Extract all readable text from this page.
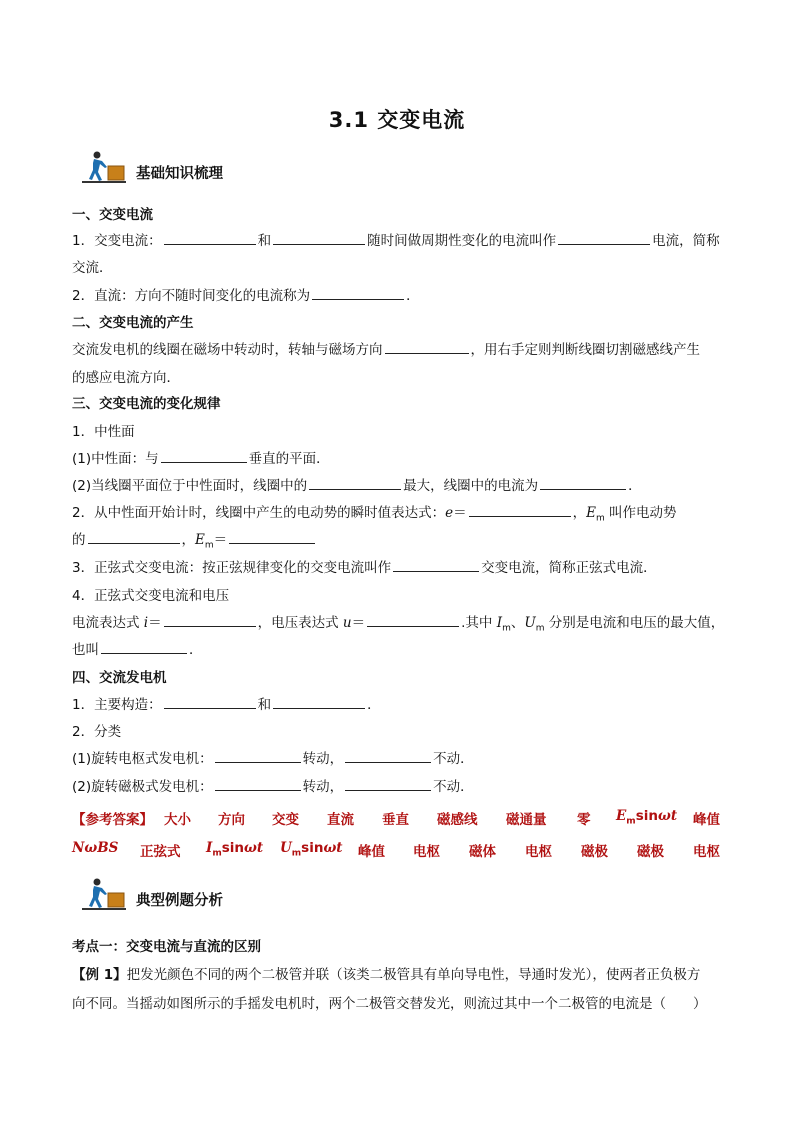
3.1 交变电流
基础知识梳理
一、交变电流
1．交变电流：	和	随时间做周期性变化的电流叫作	电流，简称
交流．
2．直流：方向不随时间变化的电流称为	．
二、交变电流的产生
交流发电机的线圈在磁场中转动时，转轴与磁场方向	，用右手定则判断线圈切割磁感线产生
的感应电流方向．
三、交变电流的变化规律
1．中性面
(1)中性面：与	垂直的平面．
(2)当线圈平面位于中性面时，线圈中的	最大，线圈中的电流为	．
2．从中性面开始计时，线圈中产生的电动势的瞬时值表达式：e＝	，$E_m$ 叫作电动势
的	，$E_m=$
3．正弦式交变电流：按正弦规律变化的交变电流叫作	交变电流，简称正弦式电流．
4．正弦式交变电流和电压
电流表达式 i＝	，电压表达式 u＝	.其中 $I_m$、$U_m$ 分别是电流和电压的最大值，
也叫	．
四、交流发电机
1．主要构造：	和	．
2．分类
(1)旋转电枢式发电机：	转动，	不动．
(2)旋转磁极式发电机：	转动，	不动．
【参考答案】 大小 方向 交变 直流 垂直 磁感线 磁通量 零 $E_m\sin\omega t$ 峰值
NωBS 正弦式 $I_m\sin\omega t$ $U_m\sin\omega t$ 峰值 电枢 磁体 电枢 磁极 磁极 电枢
典型例题分析
考点一：交变电流与直流的区别
【例 1】把发光颜色不同的两个二极管并联（该类二极管具有单向导电性，导通时发光），使两者正负极方
向不同。当摇动如图所示的手摇发电机时，两个二极管交替发光，则流过其中一个二极管的电流是（　　）
